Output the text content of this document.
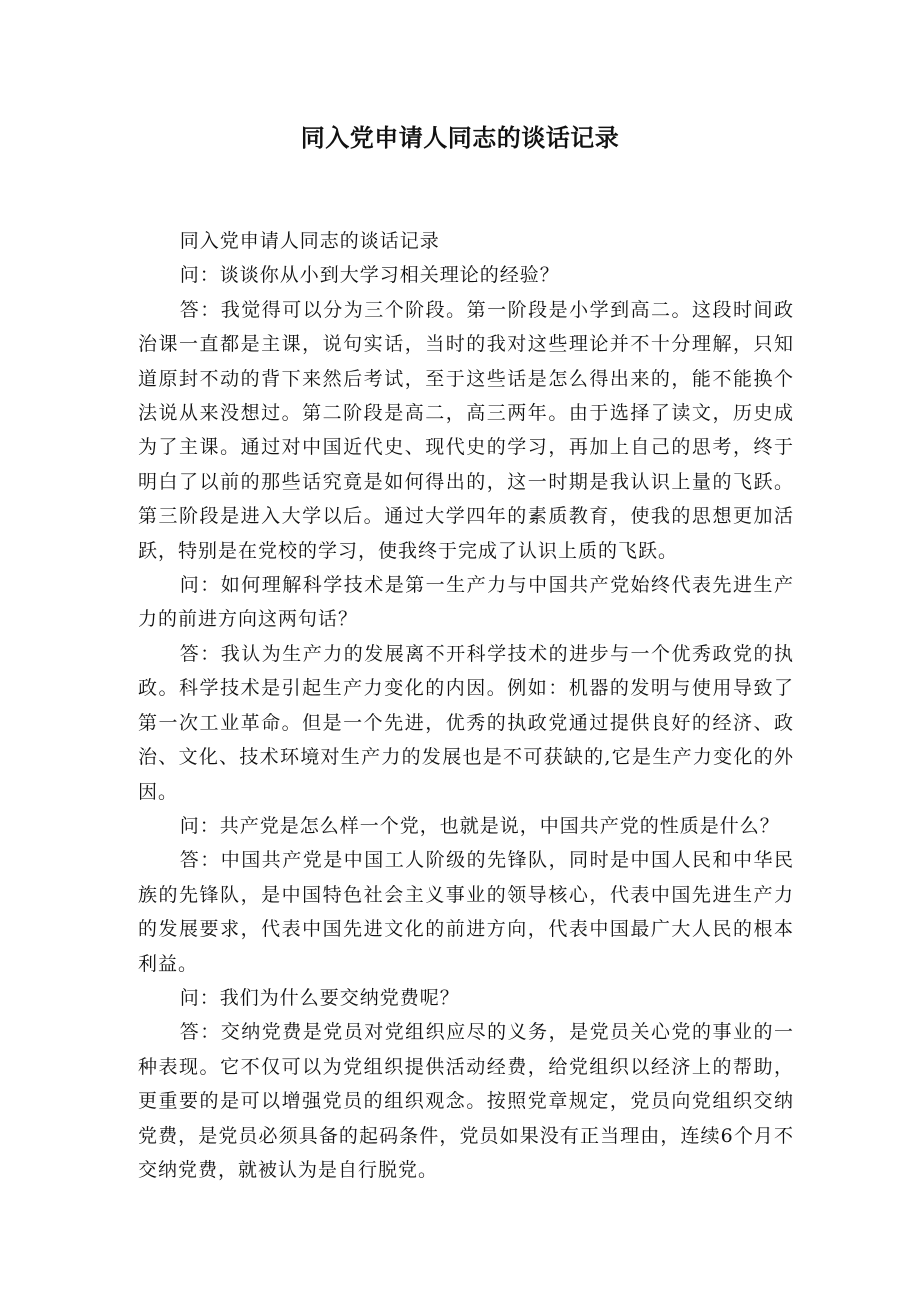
同入党申请人同志的谈话记录

同入党申请人同志的谈话记录

问：谈谈你从小到大学习相关理论的经验？

答：我觉得可以分为三个阶段。第一阶段是小学到高二。这段时间政治课一直都是主课，说句实话，当时的我对这些理论并不十分理解，只知道原封不动的背下来然后考试，至于这些话是怎么得出来的，能不能换个法说从来没想过。第二阶段是高二，高三两年。由于选择了读文，历史成为了主课。通过对中国近代史、现代史的学习，再加上自己的思考，终于明白了以前的那些话究竟是如何得出的，这一时期是我认识上量的飞跃。第三阶段是进入大学以后。通过大学四年的素质教育，使我的思想更加活跃，特别是在党校的学习，使我终于完成了认识上质的飞跃。

问：如何理解科学技术是第一生产力与中国共产党始终代表先进生产力的前进方向这两句话？

答：我认为生产力的发展离不开科学技术的进步与一个优秀政党的执政。科学技术是引起生产力变化的内因。例如：机器的发明与使用导致了第一次工业革命。但是一个先进，优秀的执政党通过提供良好的经济、政治、文化、技术环境对生产力的发展也是不可获缺的,它是生产力变化的外因。

问：共产党是怎么样一个党，也就是说，中国共产党的性质是什么？

答：中国共产党是中国工人阶级的先锋队，同时是中国人民和中华民族的先锋队，是中国特色社会主义事业的领导核心，代表中国先进生产力的发展要求，代表中国先进文化的前进方向，代表中国最广大人民的根本利益。

问：我们为什么要交纳党费呢？

答：交纳党费是党员对党组织应尽的义务，是党员关心党的事业的一种表现。它不仅可以为党组织提供活动经费，给党组织以经济上的帮助，更重要的是可以增强党员的组织观念。按照党章规定，党员向党组织交纳党费，是党员必须具备的起码条件，党员如果没有正当理由，连续6个月不交纳党费，就被认为是自行脱党。
